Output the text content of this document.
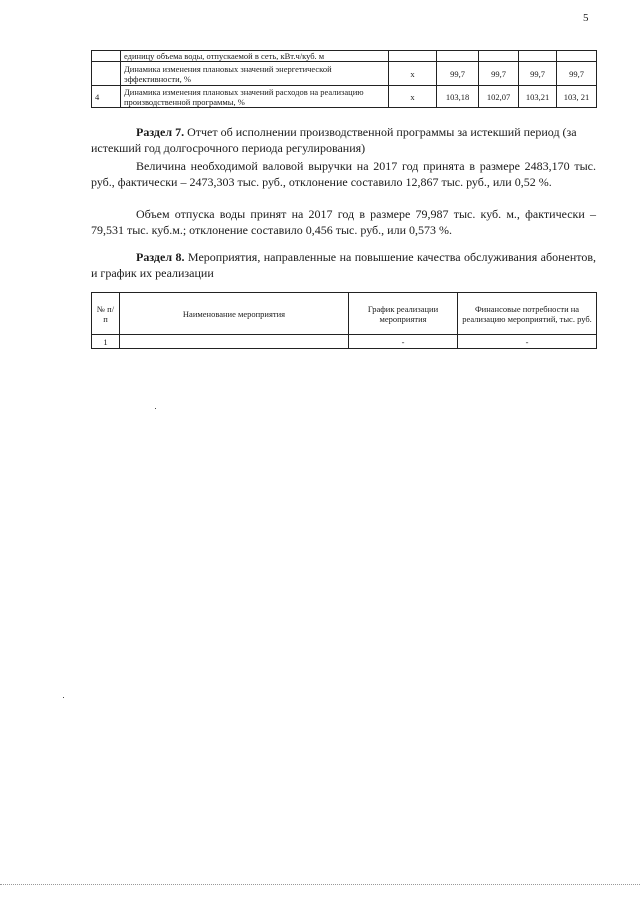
5
	единицу объема воды, отпускаемой в сеть, кВт.ч/куб. м					
	Динамика изменения плановых значений энергетической эффективности, %	х	99,7	99,7	99,7	99,7
4	Динамика изменения плановых значений расходов на реализацию производственной программы, %	х	103,18	102,07	103,21	103, 21
Раздел 7. Отчет об исполнении производственной программы за истекший период (за истекший год долгосрочного периода регулирования)
Величина необходимой валовой выручки на 2017 год принята в размере 2483,170 тыс. руб., фактически – 2473,303 тыс. руб., отклонение составило 12,867 тыс. руб., или 0,52 %.
Объем отпуска воды принят на 2017 год в размере 79,987 тыс. куб. м., фактически – 79,531 тыс. куб.м.; отклонение составило 0,456 тыс. руб., или 0,573 %.
Раздел 8. Мероприятия, направленные на повышение качества обслуживания абонентов, и график их реализации
№ п/п	Наименование мероприятия	График реализации мероприятия	Финансовые потребности на реализацию мероприятий, тыс. руб.
1		-	-
